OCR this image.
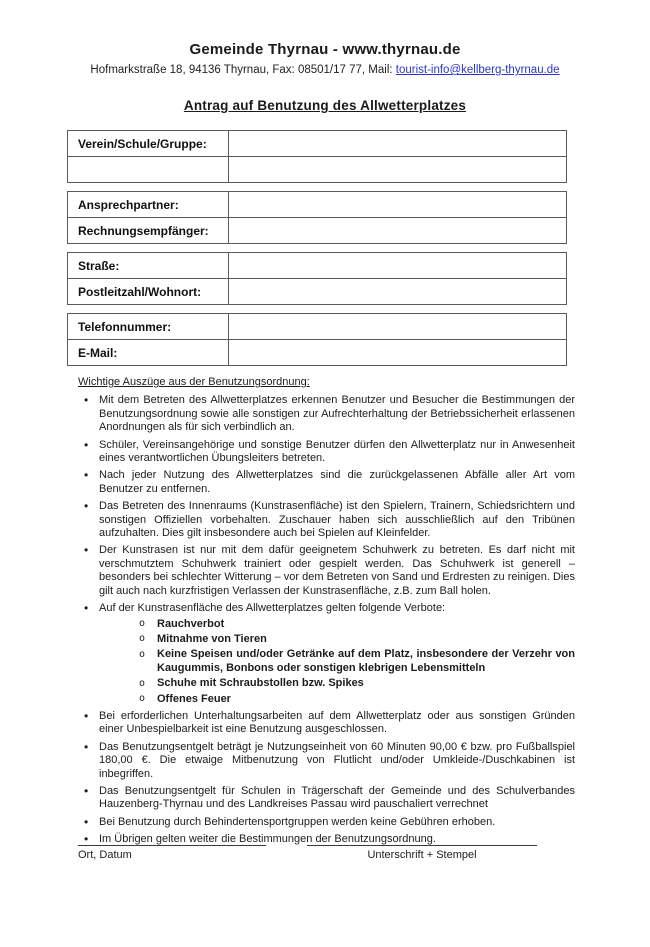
Gemeinde Thyrnau - www.thyrnau.de
Hofmarkstraße 18, 94136 Thyrnau, Fax: 08501/17 77, Mail: tourist-info@kellberg-thyrnau.de
Antrag auf Benutzung des Allwetterplatzes
Verein/Schule/Gruppe:	

Ansprechpartner:	
Rechnungsempfänger:	
Straße:	
Postleitzahl/Wohnort:	
Telefonnummer:	
E-Mail:	
Wichtige Auszüge aus der Benutzungsordnung:
• Mit dem Betreten des Allwetterplatzes erkennen Benutzer und Besucher die Bestimmungen der Benutzungsordnung sowie alle sonstigen zur Aufrechterhaltung der Betriebssicherheit erlassenen Anordnungen als für sich verbindlich an.
• Schüler, Vereinsangehörige und sonstige Benutzer dürfen den Allwetterplatz nur in Anwesenheit eines verantwortlichen Übungsleiters betreten.
• Nach jeder Nutzung des Allwetterplatzes sind die zurückgelassenen Abfälle aller Art vom Benutzer zu entfernen.
• Das Betreten des Innenraums (Kunstrasenfläche) ist den Spielern, Trainern, Schiedsrichtern und sonstigen Offiziellen vorbehalten. Zuschauer haben sich ausschließlich auf den Tribünen aufzuhalten. Dies gilt insbesondere auch bei Spielen auf Kleinfelder.
• Der Kunstrasen ist nur mit dem dafür geeignetem Schuhwerk zu betreten. Es darf nicht mit verschmutztem Schuhwerk trainiert oder gespielt werden. Das Schuhwerk ist generell – besonders bei schlechter Witterung – vor dem Betreten von Sand und Erdresten zu reinigen. Dies gilt auch nach kurzfristigen Verlassen der Kunstrasenfläche, z.B. zum Ball holen.
• Auf der Kunstrasenfläche des Allwetterplatzes gelten folgende Verbote:
o Rauchverbot
o Mitnahme von Tieren
o Keine Speisen und/oder Getränke auf dem Platz, insbesondere der Verzehr von Kaugummis, Bonbons oder sonstigen klebrigen Lebensmitteln
o Schuhe mit Schraubstollen bzw. Spikes
o Offenes Feuer
• Bei erforderlichen Unterhaltungsarbeiten auf dem Allwetterplatz oder aus sonstigen Gründen einer Unbespielbarkeit ist eine Benutzung ausgeschlossen.
• Das Benutzungsentgelt beträgt je Nutzungseinheit von 60 Minuten 90,00 € bzw. pro Fußballspiel 180,00 €. Die etwaige Mitbenutzung von Flutlicht und/oder Umkleide-/Duschkabinen ist inbegriffen.
• Das Benutzungsentgelt für Schulen in Trägerschaft der Gemeinde und des Schulverbandes Hauzenberg-Thyrnau und des Landkreises Passau wird pauschaliert verrechnet
• Bei Benutzung durch Behindertensportgruppen werden keine Gebühren erhoben.
• Im Übrigen gelten weiter die Bestimmungen der Benutzungsordnung.
Ort, Datum	Unterschrift + Stempel
